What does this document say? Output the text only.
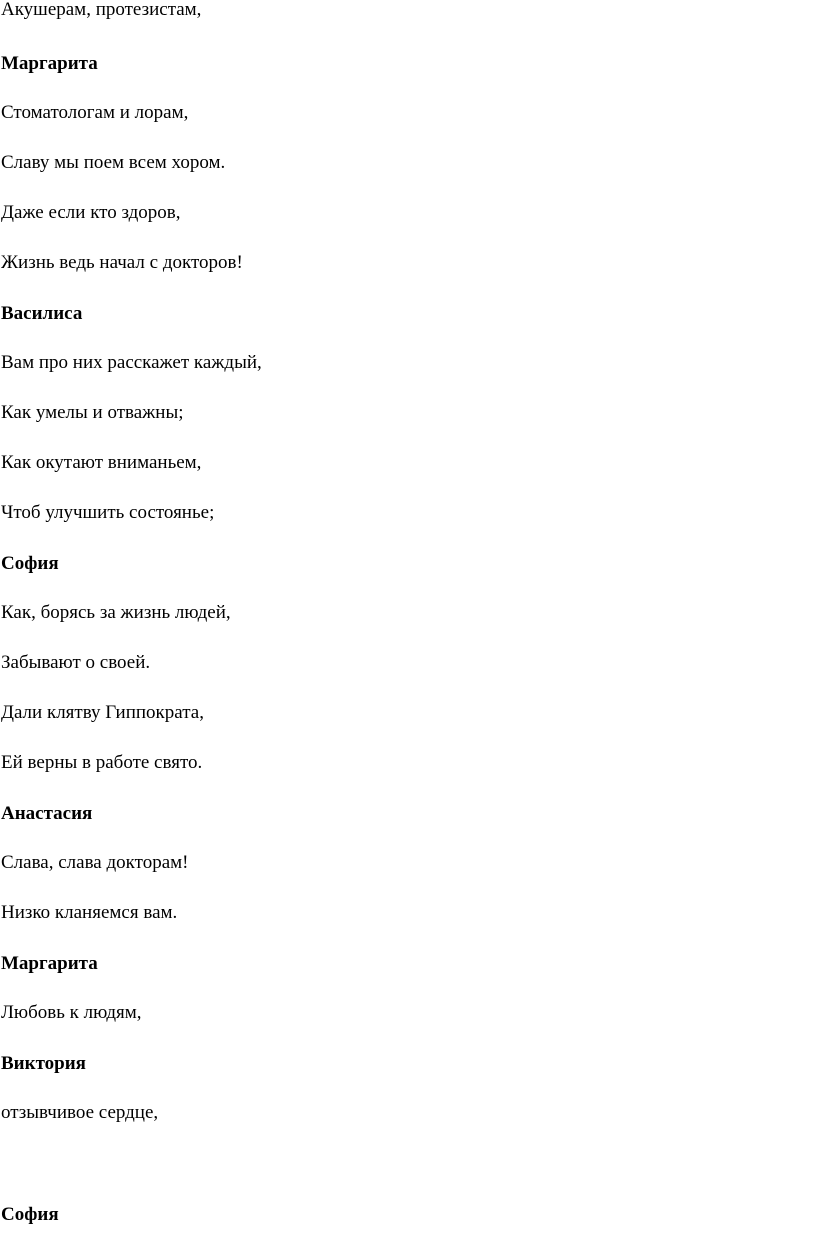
Акушерам, протезистам,
Маргарита
Стоматологам и лорам,
Славу мы поем всем хором.
Даже если кто здоров,
Жизнь ведь начал с докторов!
Василиса
Вам про них расскажет каждый,
Как умелы и отважны;
Как окутают вниманьем,
Чтоб улучшить состоянье;
София
Как, борясь за жизнь людей,
Забывают о своей.
Дали клятву Гиппократа,
Ей верны в работе свято.
Анастасия
Слава, слава докторам!
Низко кланяемся вам.
Маргарита
Любовь к людям,
Виктория
отзывчивое сердце,
София
